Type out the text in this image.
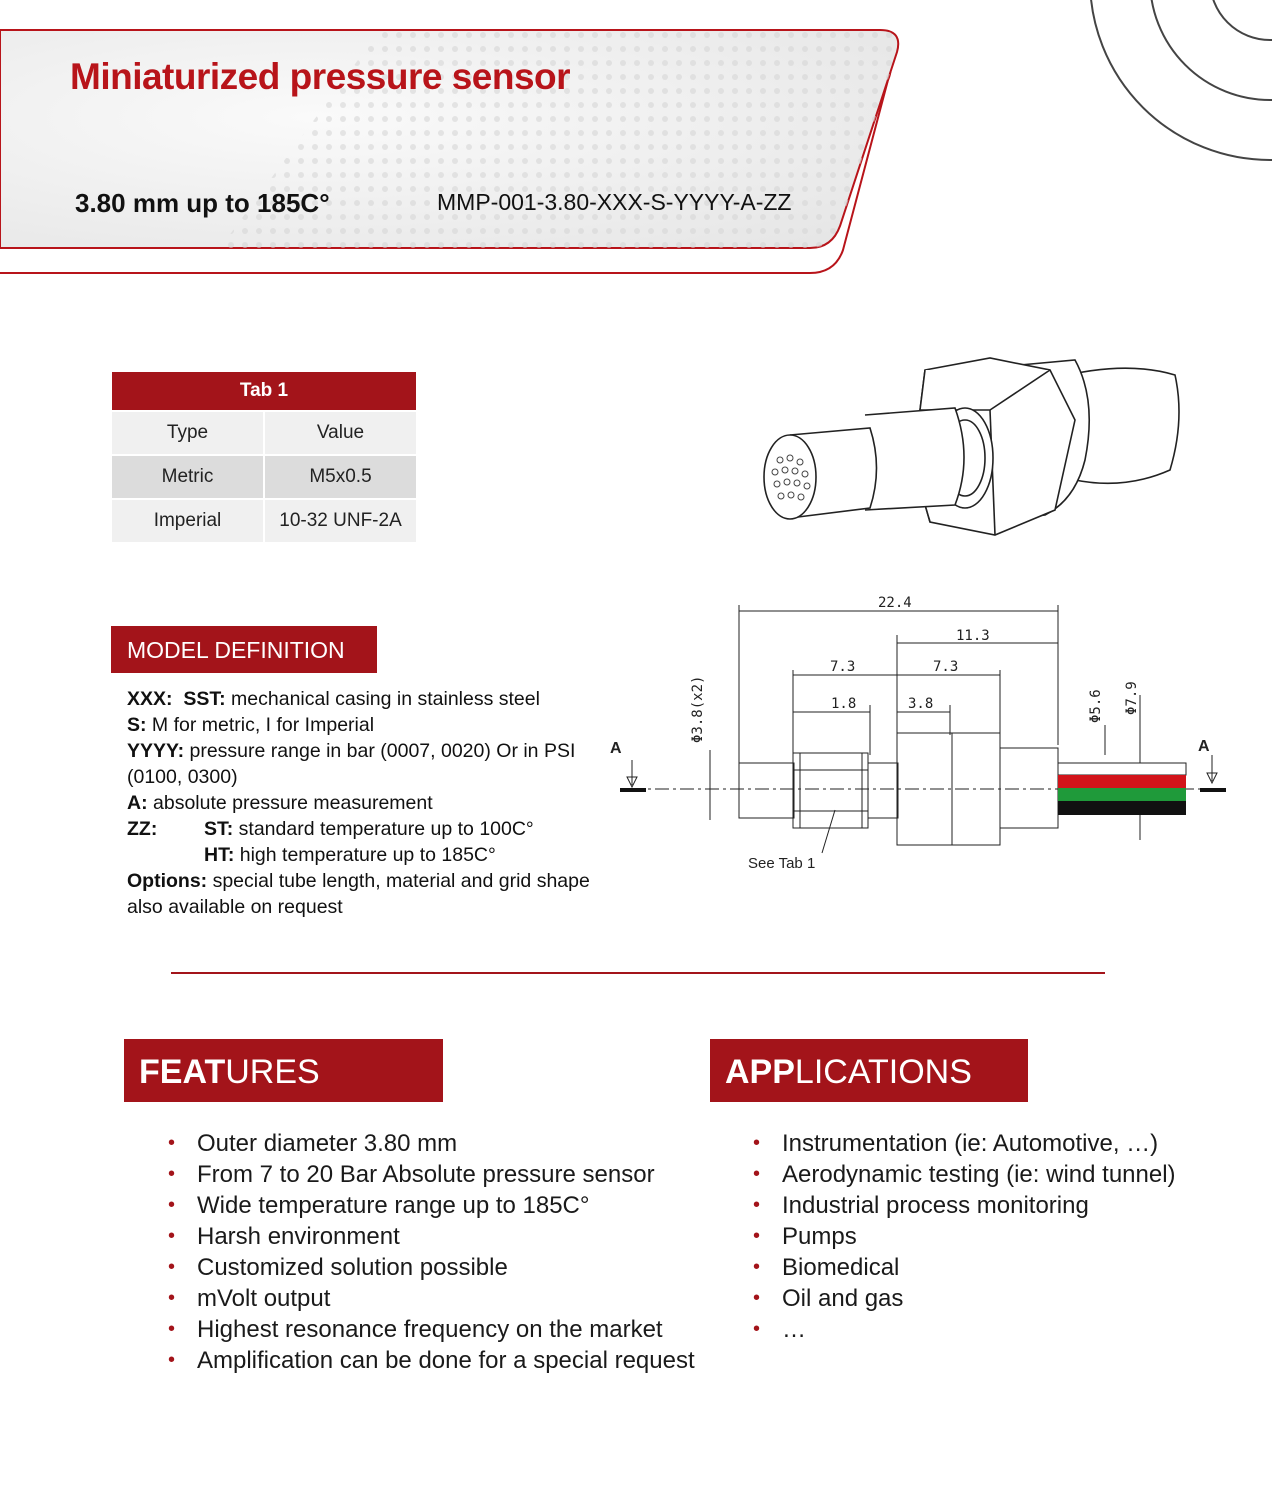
Miniaturized pressure sensor
3.80 mm up to 185C°	MMP-001-3.80-XXX-S-YYYY-A-ZZ
Tab 1
Type	Value
Metric	M5x0.5
Imperial	10-32 UNF-2A
22.4
11.3
7.3	7.3
1.8	3.8
Φ3.8(x2)	Φ5.6 Φ7.9
A	A
See Tab 1
MODEL DEFINITION
XXX: SST: mechanical casing in stainless steel
S: M for metric, I for Imperial
YYYY: pressure range in bar (0007, 0020) Or in PSI
(0100, 0300)
A: absolute pressure measurement
ZZ: ST: standard temperature up to 100C°
HT: high temperature up to 185C°
Options: special tube length, material and grid shape
also available on request
FEATURES
• Outer diameter 3.80 mm
• From 7 to 20 Bar Absolute pressure sensor
• Wide temperature range up to 185C°
• Harsh environment
• Customized solution possible
• mVolt output
• Highest resonance frequency on the market
• Amplification can be done for a special request
APPLICATIONS
• Instrumentation (ie: Automotive, …)
• Aerodynamic testing (ie: wind tunnel)
• Industrial process monitoring
• Pumps
• Biomedical
• Oil and gas
• …
